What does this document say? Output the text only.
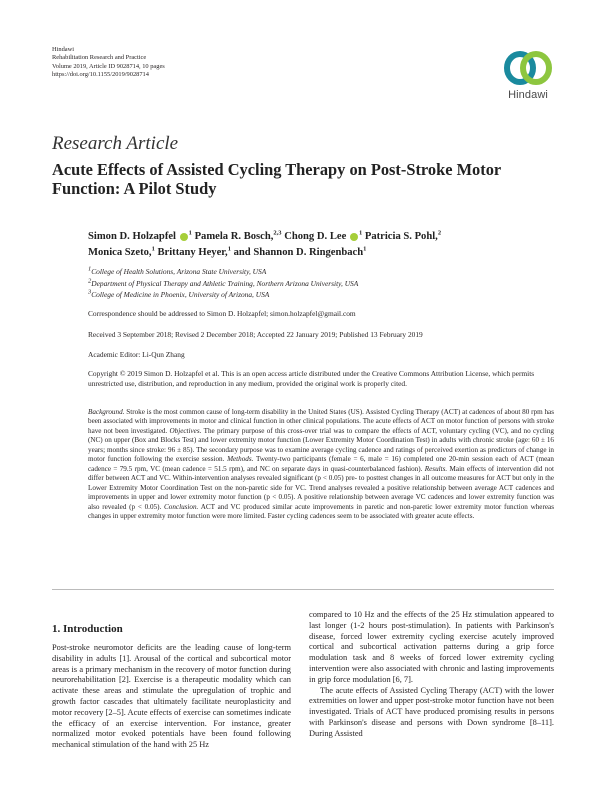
Hindawi
Rehabilitation Research and Practice
Volume 2019, Article ID 9028714, 10 pages
https://doi.org/10.1155/2019/9028714
Hindawi
Research Article
Acute Effects of Assisted Cycling Therapy on Post-Stroke Motor Function: A Pilot Study
Simon D. Holzapfel $^1$ Pamela R. Bosch,$^{2,3}$ Chong D. Lee $^1$ Patricia S. Pohl,$^2$
Monica Szeto,$^1$ Brittany Heyer,$^1$ and Shannon D. Ringenbach$^1$
1College of Health Solutions, Arizona State University, USA
2Department of Physical Therapy and Athletic Training, Northern Arizona University, USA
3College of Medicine in Phoenix, University of Arizona, USA
Correspondence should be addressed to Simon D. Holzapfel; simon.holzapfel@gmail.com
Received 3 September 2018; Revised 2 December 2018; Accepted 22 January 2019; Published 13 February 2019
Academic Editor: Li-Qun Zhang
Copyright © 2019 Simon D. Holzapfel et al. This is an open access article distributed under the Creative Commons Attribution License, which permits unrestricted use, distribution, and reproduction in any medium, provided the original work is properly cited.
Background. Stroke is the most common cause of long-term disability in the United States (US). Assisted Cycling Therapy (ACT) at cadences of about 80 rpm has been associated with improvements in motor and clinical function in other clinical populations. The acute effects of ACT on motor function of persons with stroke have not been investigated. Objectives. The primary purpose of this cross-over trial was to compare the effects of ACT, voluntary cycling (VC), and no cycling (NC) on upper (Box and Blocks Test) and lower extremity motor function (Lower Extremity Motor Coordination Test) in adults with chronic stroke (age: 60 ± 16 years; months since stroke: 96 ± 85). The secondary purpose was to examine average cycling cadence and ratings of perceived exertion as predictors of change in motor function following the exercise session. Methods. Twenty-two participants (female = 6, male = 16) completed one 20-min session each of ACT (mean cadence = 79.5 rpm, VC (mean cadence = 51.5 rpm), and NC on separate days in quasi-counterbalanced fashion). Results. Main effects of intervention did not differ between ACT and VC. Within-intervention analyses revealed significant (p < 0.05) pre- to posttest changes in all outcome measures for ACT but only in the Lower Extremity Motor Coordination Test on the non-paretic side for VC. Trend analyses revealed a positive relationship between average ACT cadences and improvements in upper and lower extremity motor function (p < 0.05). A positive relationship between average VC cadences and lower extremity function was also revealed (p < 0.05). Conclusion. ACT and VC produced similar acute improvements in paretic and non-paretic lower extremity motor function whereas changes in upper extremity motor function were more limited. Faster cycling cadences seem to be associated with greater acute effects.
1. Introduction

Post-stroke neuromotor deficits are the leading cause of long-term disability in adults [1]. Arousal of the cortical and subcortical motor areas is a primary mechanism in the recovery of motor function during neurorehabilitation [2]. Exercise is a therapeutic modality which can activate these areas and stimulate the upregulation of trophic and growth factor cascades that ultimately facilitate neuroplasticity and motor recovery [2–5]. Acute effects of exercise can sometimes indicate the efficacy of an exercise intervention. For instance, greater normalized motor evoked potentials have been found following mechanical stimulation of the hand with 25 Hz

compared to 10 Hz and the effects of the 25 Hz stimulation appeared to last longer (1-2 hours post-stimulation). In patients with Parkinson's disease, forced lower extremity cycling exercise acutely improved cortical and subcortical activation patterns during a grip force modulation task and 8 weeks of forced lower extremity cycling intervention were also associated with chronic and lasting improvements in grip force modulation [6, 7].

The acute effects of Assisted Cycling Therapy (ACT) with the lower extremities on lower and upper post-stroke motor function have not been investigated. Trials of ACT have produced promising results in persons with Parkinson's disease and persons with Down syndrome [8–11]. During Assisted
